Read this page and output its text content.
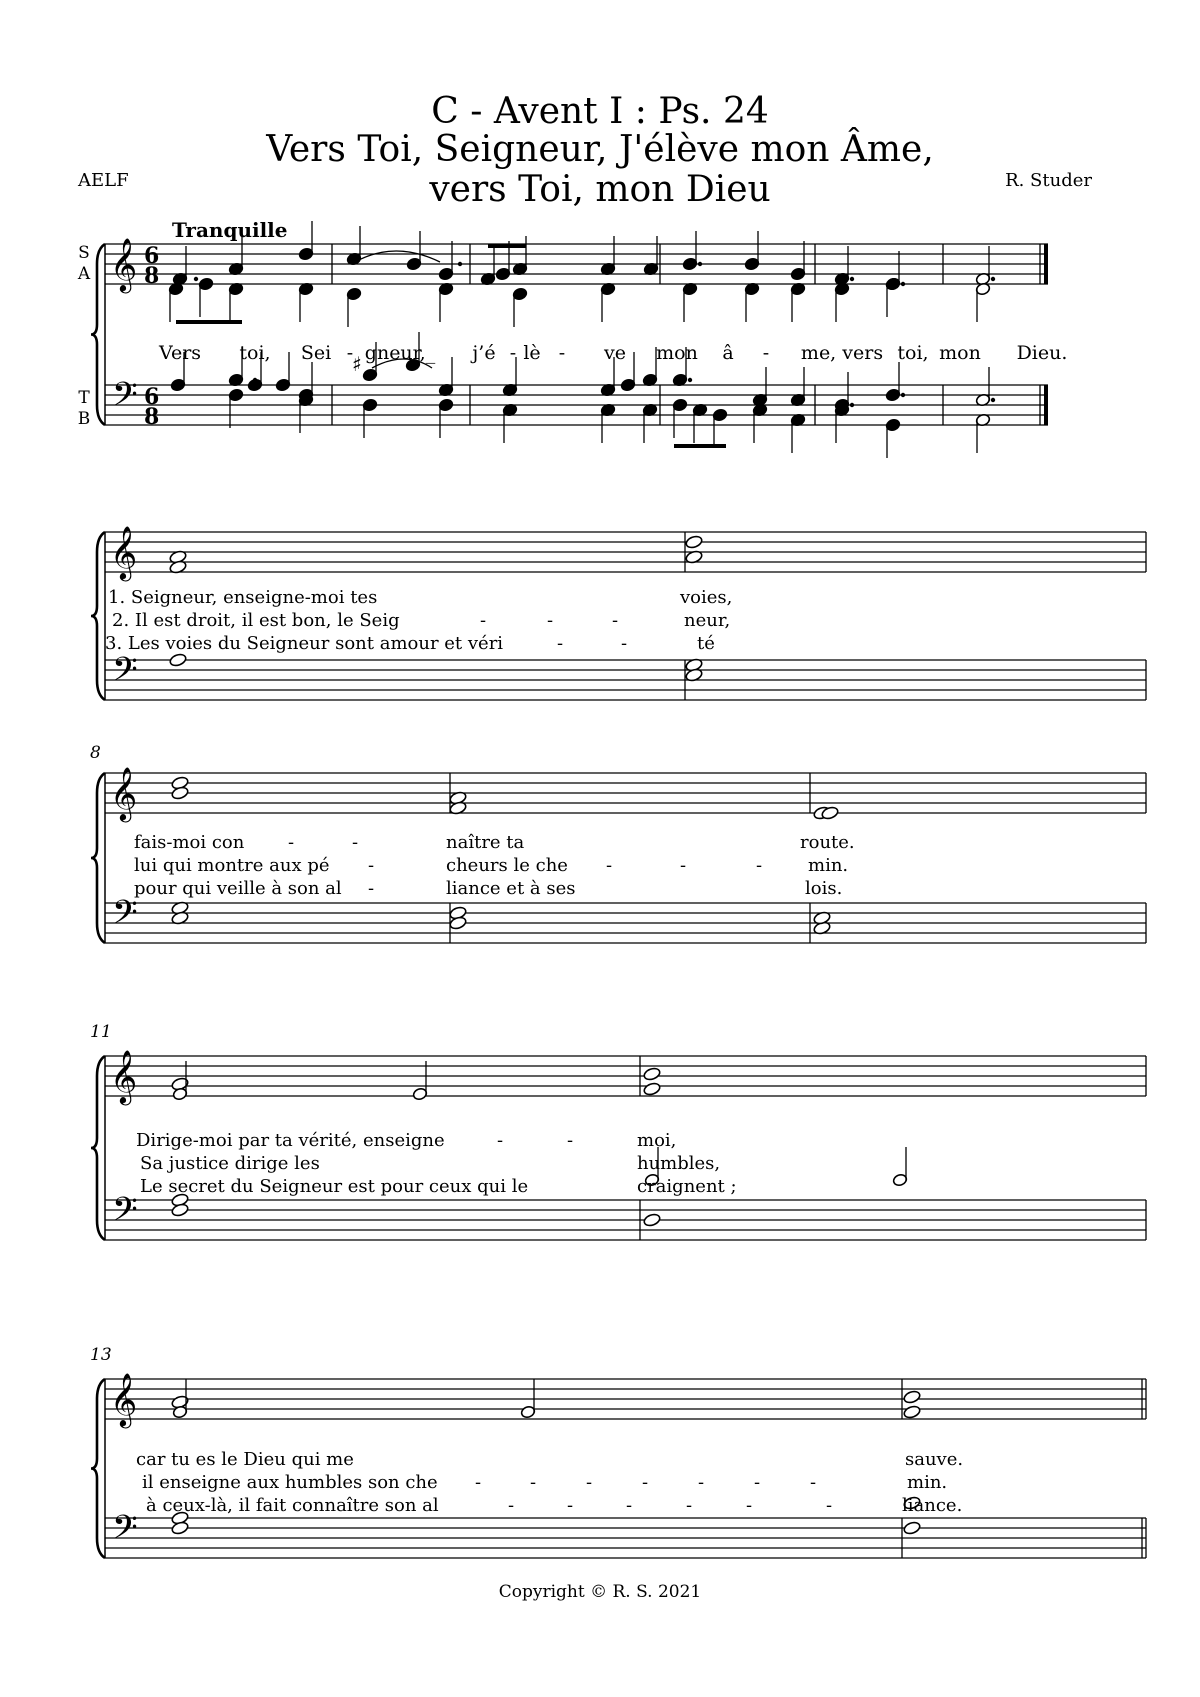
C - Avent I : Ps. 24
Vers Toi, Seigneur, J'élève mon Âme,
vers Toi, mon Dieu
AELF	R. Studer
Tranquille
S
A
T
B
𝄞
𝄢
6
8
6
8
♯
𝄞
𝄢
𝄞
𝄢
𝄞
𝄢
𝄞
𝄢
Vers toi, Sei - gneur,_ j’é - lè - ve mon â - me, vers toi, mon Dieu.
1. Seigneur, enseigne-moi tes	voies,
2. Il est droit, il est bon, le Seig	-	-	-	neur,
3. Les voies du Seigneur sont amour et véri	-	-	té
8
fais-moi con -	-	naître ta	route.
lui qui montre aux pé -	cheurs le che -	-	-	min.
pour qui veille à son al -	liance et à ses	lois.
11
Dirige-moi par ta vérité, enseigne	-	-	moi,
Sa justice dirige les	humbles,
Le secret du Seigneur est pour ceux qui le	craignent ;
13
car tu es le Dieu qui me	sauve.
il enseigne aux humbles son che -	-	-	-	-	-	-	min.
à ceux-là, il fait connaître son al	-	-	-	-	-	-	liance.
Copyright © R. S. 2021
